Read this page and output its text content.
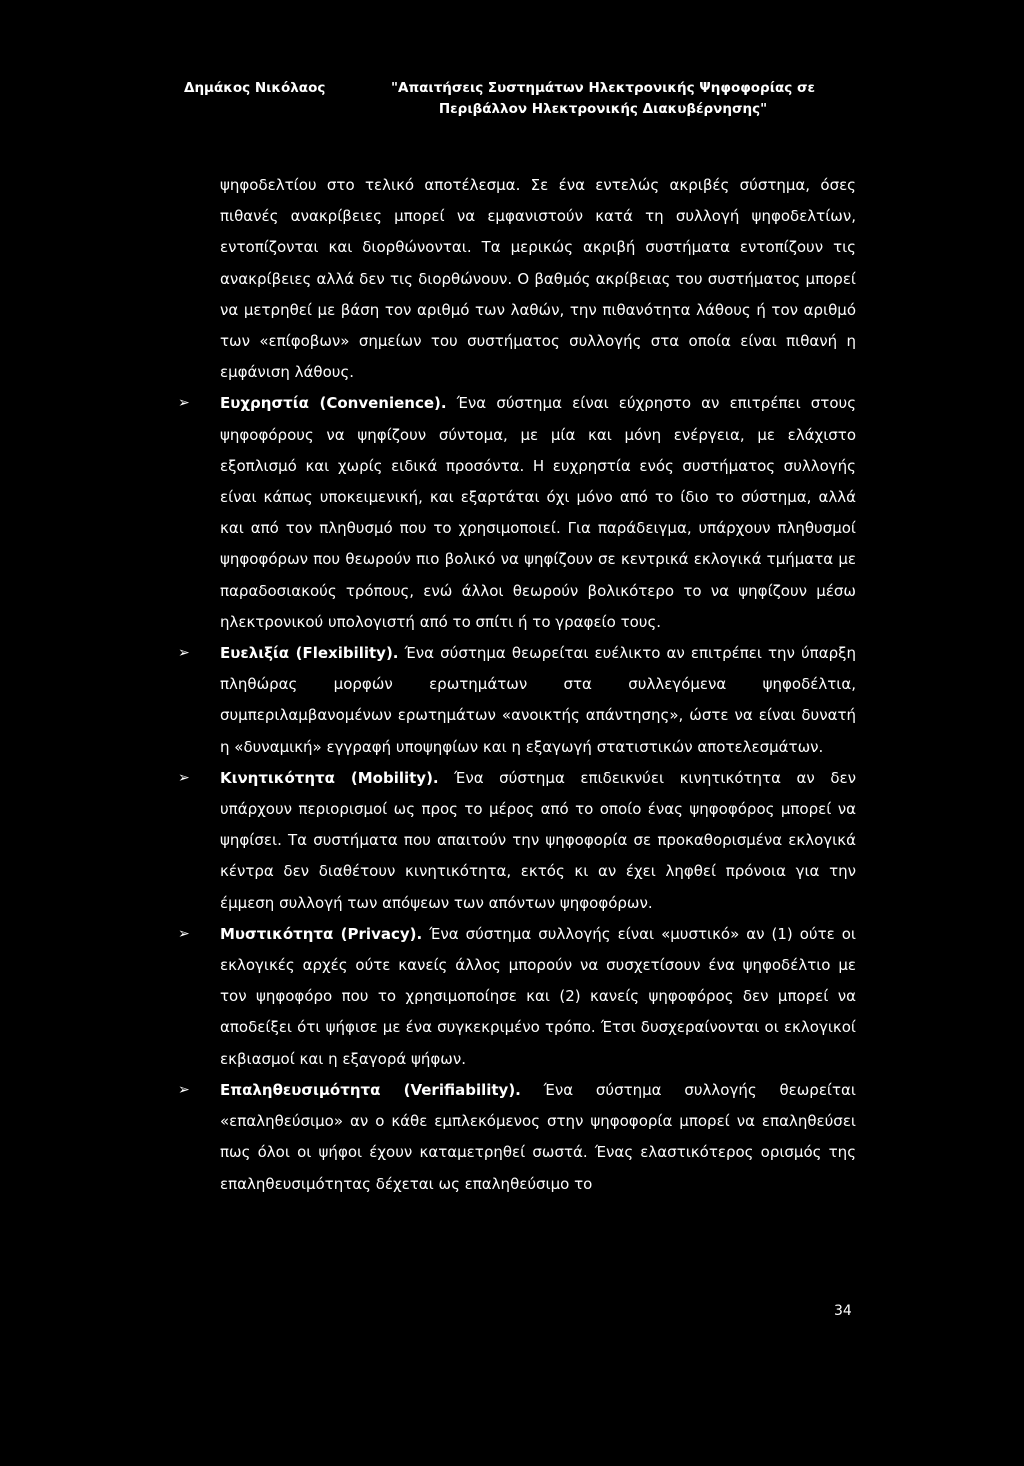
Δημάκος Νικόλαος	"Απαιτήσεις Συστημάτων Ηλεκτρονικής Ψηφοφορίας σε Περιβάλλον Ηλεκτρονικής Διακυβέρνησης"

ψηφοδελτίου στο τελικό αποτέλεσμα. Σε ένα εντελώς ακριβές σύστημα, όσες πιθανές ανακρίβειες μπορεί να εμφανιστούν κατά τη συλλογή ψηφοδελτίων, εντοπίζονται και διορθώνονται. Τα μερικώς ακριβή συστήματα εντοπίζουν τις ανακρίβειες αλλά δεν τις διορθώνουν. Ο βαθμός ακρίβειας του συστήματος μπορεί να μετρηθεί με βάση τον αριθμό των λαθών, την πιθανότητα λάθους ή τον αριθμό των «επίφοβων» σημείων του συστήματος συλλογής στα οποία είναι πιθανή η εμφάνιση λάθους.

➢ Ευχρηστία (Convenience). Ένα σύστημα είναι εύχρηστο αν επιτρέπει στους ψηφοφόρους να ψηφίζουν σύντομα, με μία και μόνη ενέργεια, με ελάχιστο εξοπλισμό και χωρίς ειδικά προσόντα. Η ευχρηστία ενός συστήματος συλλογής είναι κάπως υποκειμενική, και εξαρτάται όχι μόνο από το ίδιο το σύστημα, αλλά και από τον πληθυσμό που το χρησιμοποιεί. Για παράδειγμα, υπάρχουν πληθυσμοί ψηφοφόρων που θεωρούν πιο βολικό να ψηφίζουν σε κεντρικά εκλογικά τμήματα με παραδοσιακούς τρόπους, ενώ άλλοι θεωρούν βολικότερο το να ψηφίζουν μέσω ηλεκτρονικού υπολογιστή από το σπίτι ή το γραφείο τους.
➢ Ευελιξία (Flexibility). Ένα σύστημα θεωρείται ευέλικτο αν επιτρέπει την ύπαρξη πληθώρας μορφών ερωτημάτων στα συλλεγόμενα ψηφοδέλτια, συμπεριλαμβανομένων ερωτημάτων «ανοικτής απάντησης», ώστε να είναι δυνατή η «δυναμική» εγγραφή υποψηφίων και η εξαγωγή στατιστικών αποτελεσμάτων.
➢ Κινητικότητα (Mobility). Ένα σύστημα επιδεικνύει κινητικότητα αν δεν υπάρχουν περιορισμοί ως προς το μέρος από το οποίο ένας ψηφοφόρος μπορεί να ψηφίσει. Τα συστήματα που απαιτούν την ψηφοφορία σε προκαθορισμένα εκλογικά κέντρα δεν διαθέτουν κινητικότητα, εκτός κι αν έχει ληφθεί πρόνοια για την έμμεση συλλογή των απόψεων των απόντων ψηφοφόρων.
➢ Μυστικότητα (Privacy). Ένα σύστημα συλλογής είναι «μυστικό» αν (1) ούτε οι εκλογικές αρχές ούτε κανείς άλλος μπορούν να συσχετίσουν ένα ψηφοδέλτιο με τον ψηφοφόρο που το χρησιμοποίησε και (2) κανείς ψηφοφόρος δεν μπορεί να αποδείξει ότι ψήφισε με ένα συγκεκριμένο τρόπο. Έτσι δυσχεραίνονται οι εκλογικοί εκβιασμοί και η εξαγορά ψήφων.
➢ Επαληθευσιμότητα (Verifiability). Ένα σύστημα συλλογής θεωρείται «επαληθεύσιμο» αν ο κάθε εμπλεκόμενος στην ψηφοφορία μπορεί να επαληθεύσει πως όλοι οι ψήφοι έχουν καταμετρηθεί σωστά. Ένας ελαστικότερος ορισμός της επαληθευσιμότητας δέχεται ως επαληθεύσιμο το
34
